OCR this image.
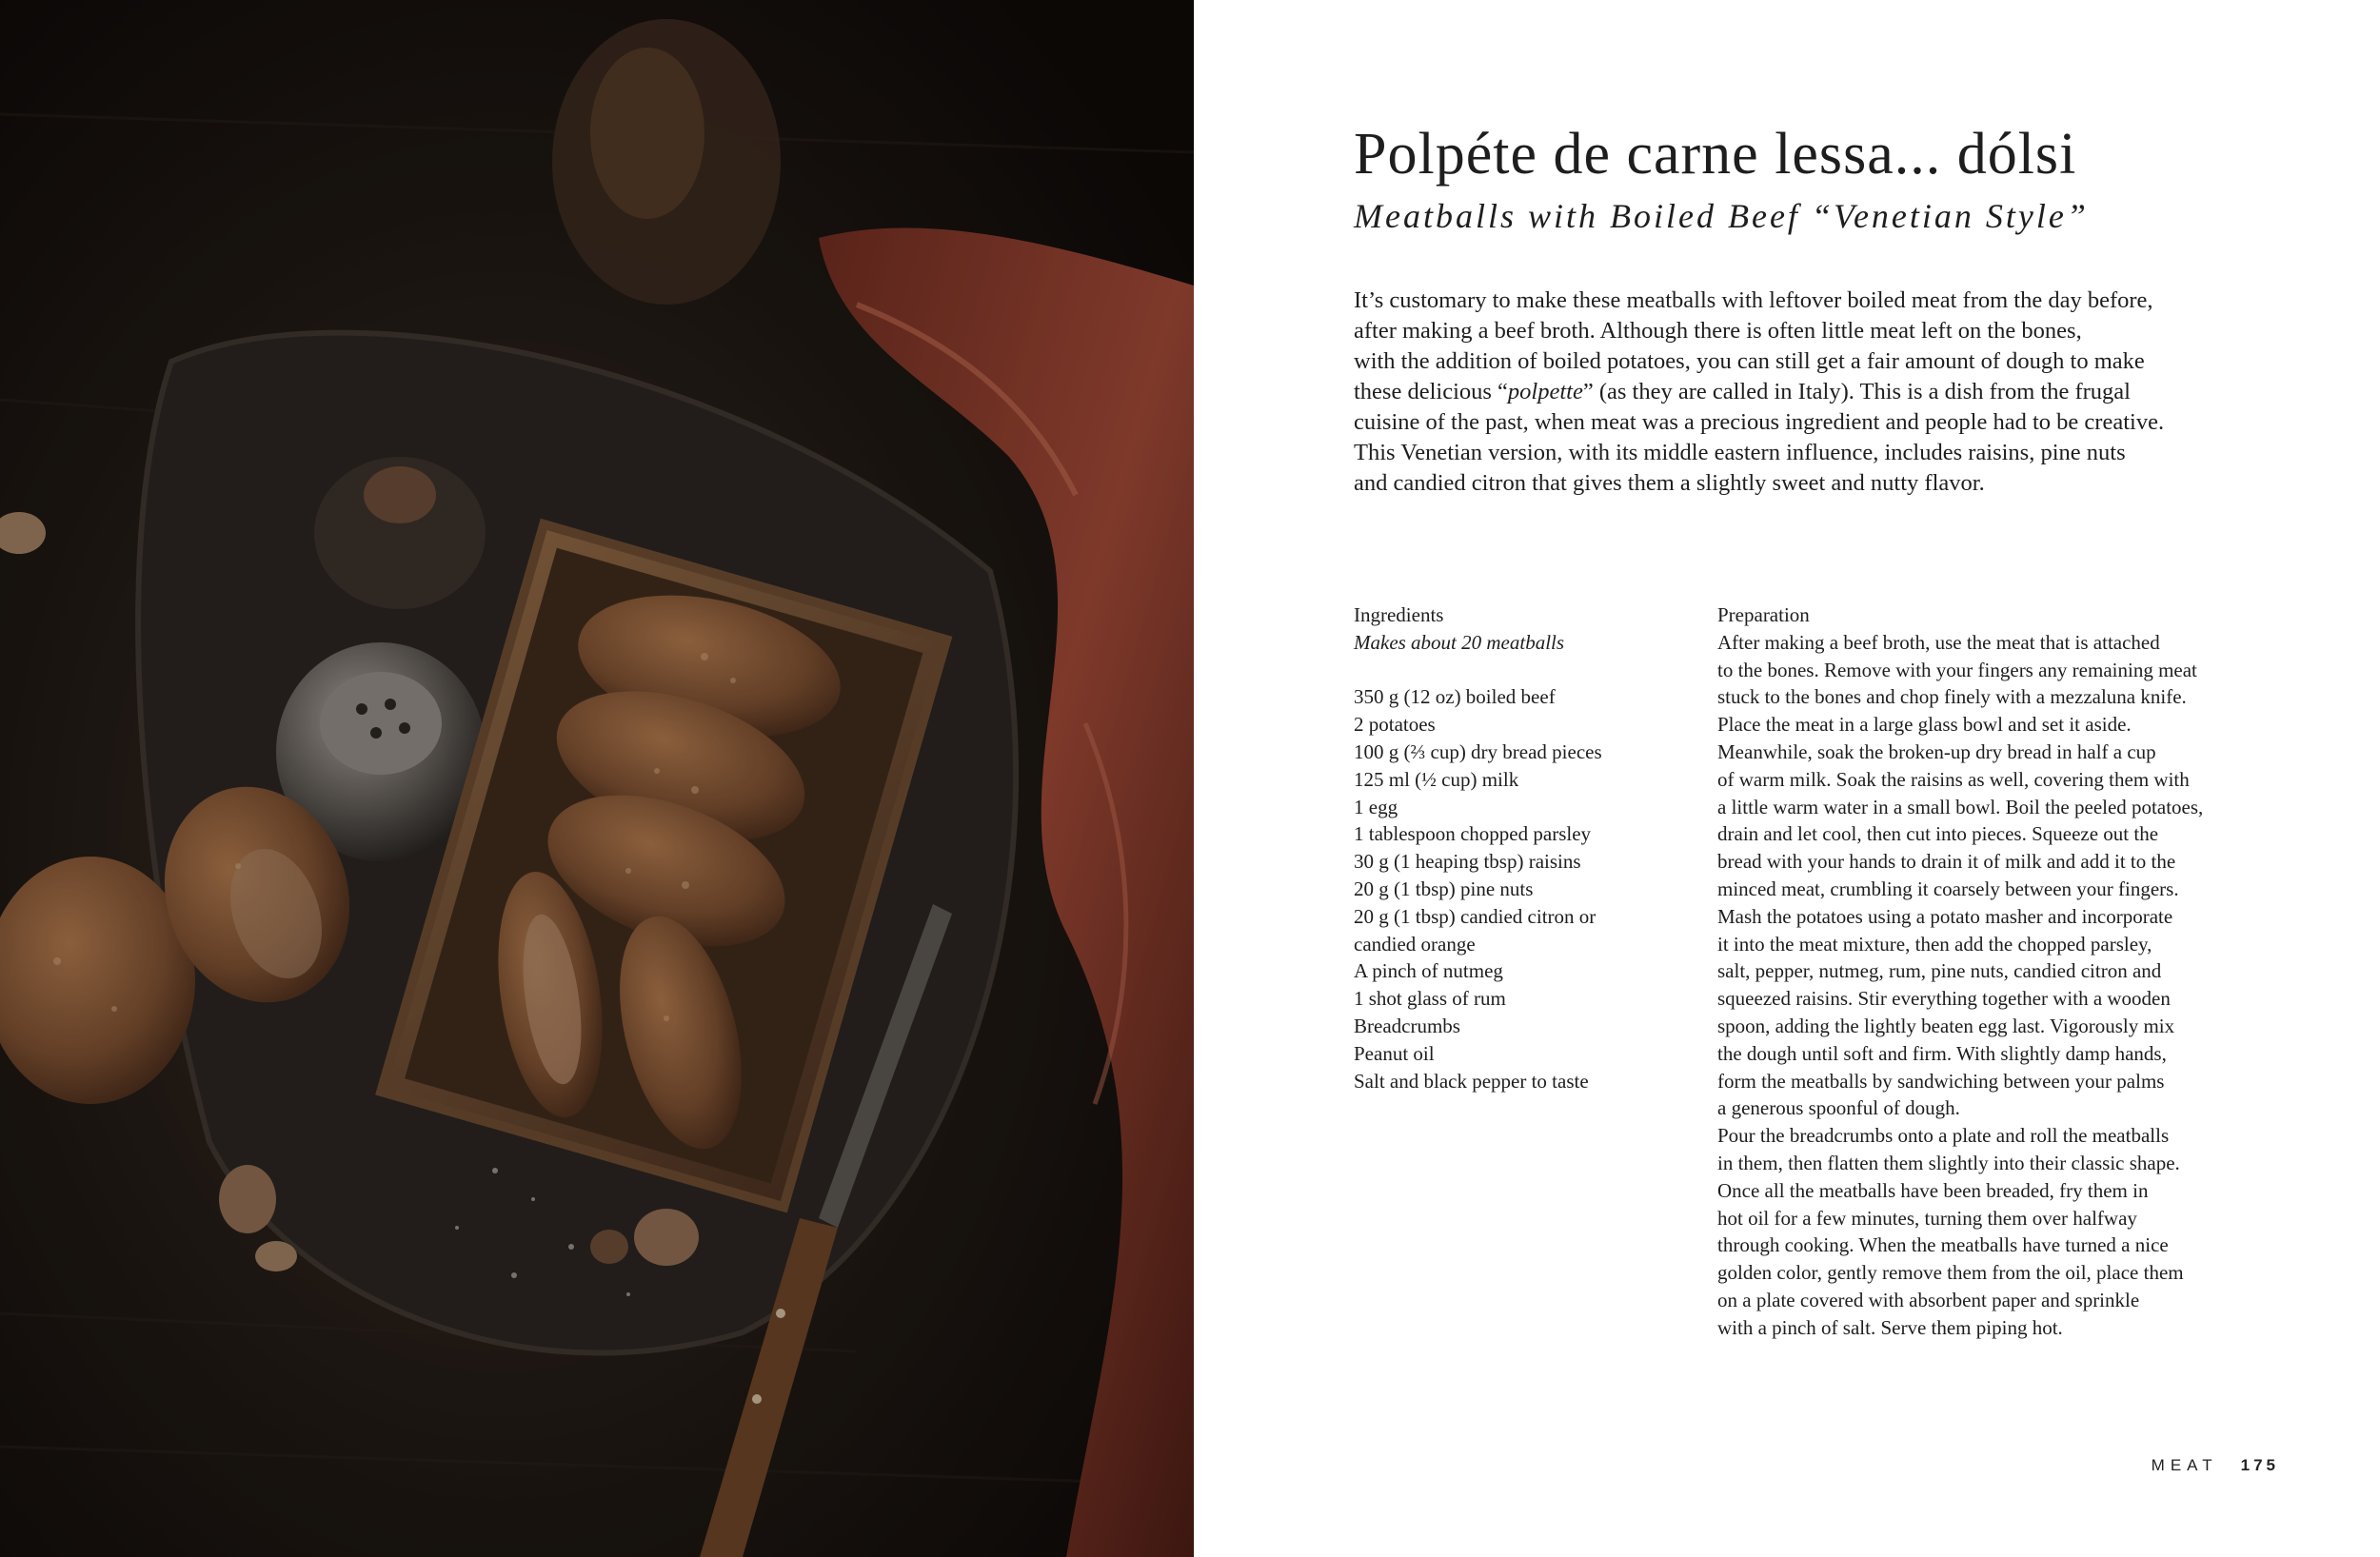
Polpéte de carne lessa... dólsi
Meatballs with Boiled Beef “Venetian Style”

It’s customary to make these meatballs with leftover boiled meat from the day before,
after making a beef broth. Although there is often little meat left on the bones,
with the addition of boiled potatoes, you can still get a fair amount of dough to make
these delicious “polpette” (as they are called in Italy). This is a dish from the frugal
cuisine of the past, when meat was a precious ingredient and people had to be creative.
This Venetian version, with its middle eastern influence, includes raisins, pine nuts
and candied citron that gives them a slightly sweet and nutty flavor.

Ingredients
Makes about 20 meatballs
350 g (12 oz) boiled beef
2 potatoes
100 g (⅔ cup) dry bread pieces
125 ml (½ cup) milk
1 egg
1 tablespoon chopped parsley
30 g (1 heaping tbsp) raisins
20 g (1 tbsp) pine nuts
20 g (1 tbsp) candied citron or
candied orange
A pinch of nutmeg
1 shot glass of rum
Breadcrumbs
Peanut oil
Salt and black pepper to taste
Preparation
After making a beef broth, use the meat that is attached
to the bones. Remove with your fingers any remaining meat
stuck to the bones and chop finely with a mezzaluna knife.
Place the meat in a large glass bowl and set it aside.
Meanwhile, soak the broken-up dry bread in half a cup
of warm milk. Soak the raisins as well, covering them with
a little warm water in a small bowl. Boil the peeled potatoes,
drain and let cool, then cut into pieces. Squeeze out the
bread with your hands to drain it of milk and add it to the
minced meat, crumbling it coarsely between your fingers.
Mash the potatoes using a potato masher and incorporate
it into the meat mixture, then add the chopped parsley,
salt, pepper, nutmeg, rum, pine nuts, candied citron and
squeezed raisins. Stir everything together with a wooden
spoon, adding the lightly beaten egg last. Vigorously mix
the dough until soft and firm. With slightly damp hands,
form the meatballs by sandwiching between your palms
a generous spoonful of dough.
Pour the breadcrumbs onto a plate and roll the meatballs
in them, then flatten them slightly into their classic shape.
Once all the meatballs have been breaded, fry them in
hot oil for a few minutes, turning them over halfway
through cooking. When the meatballs have turned a nice
golden color, gently remove them from the oil, place them
on a plate covered with absorbent paper and sprinkle
with a pinch of salt. Serve them piping hot.
MEAT 175
